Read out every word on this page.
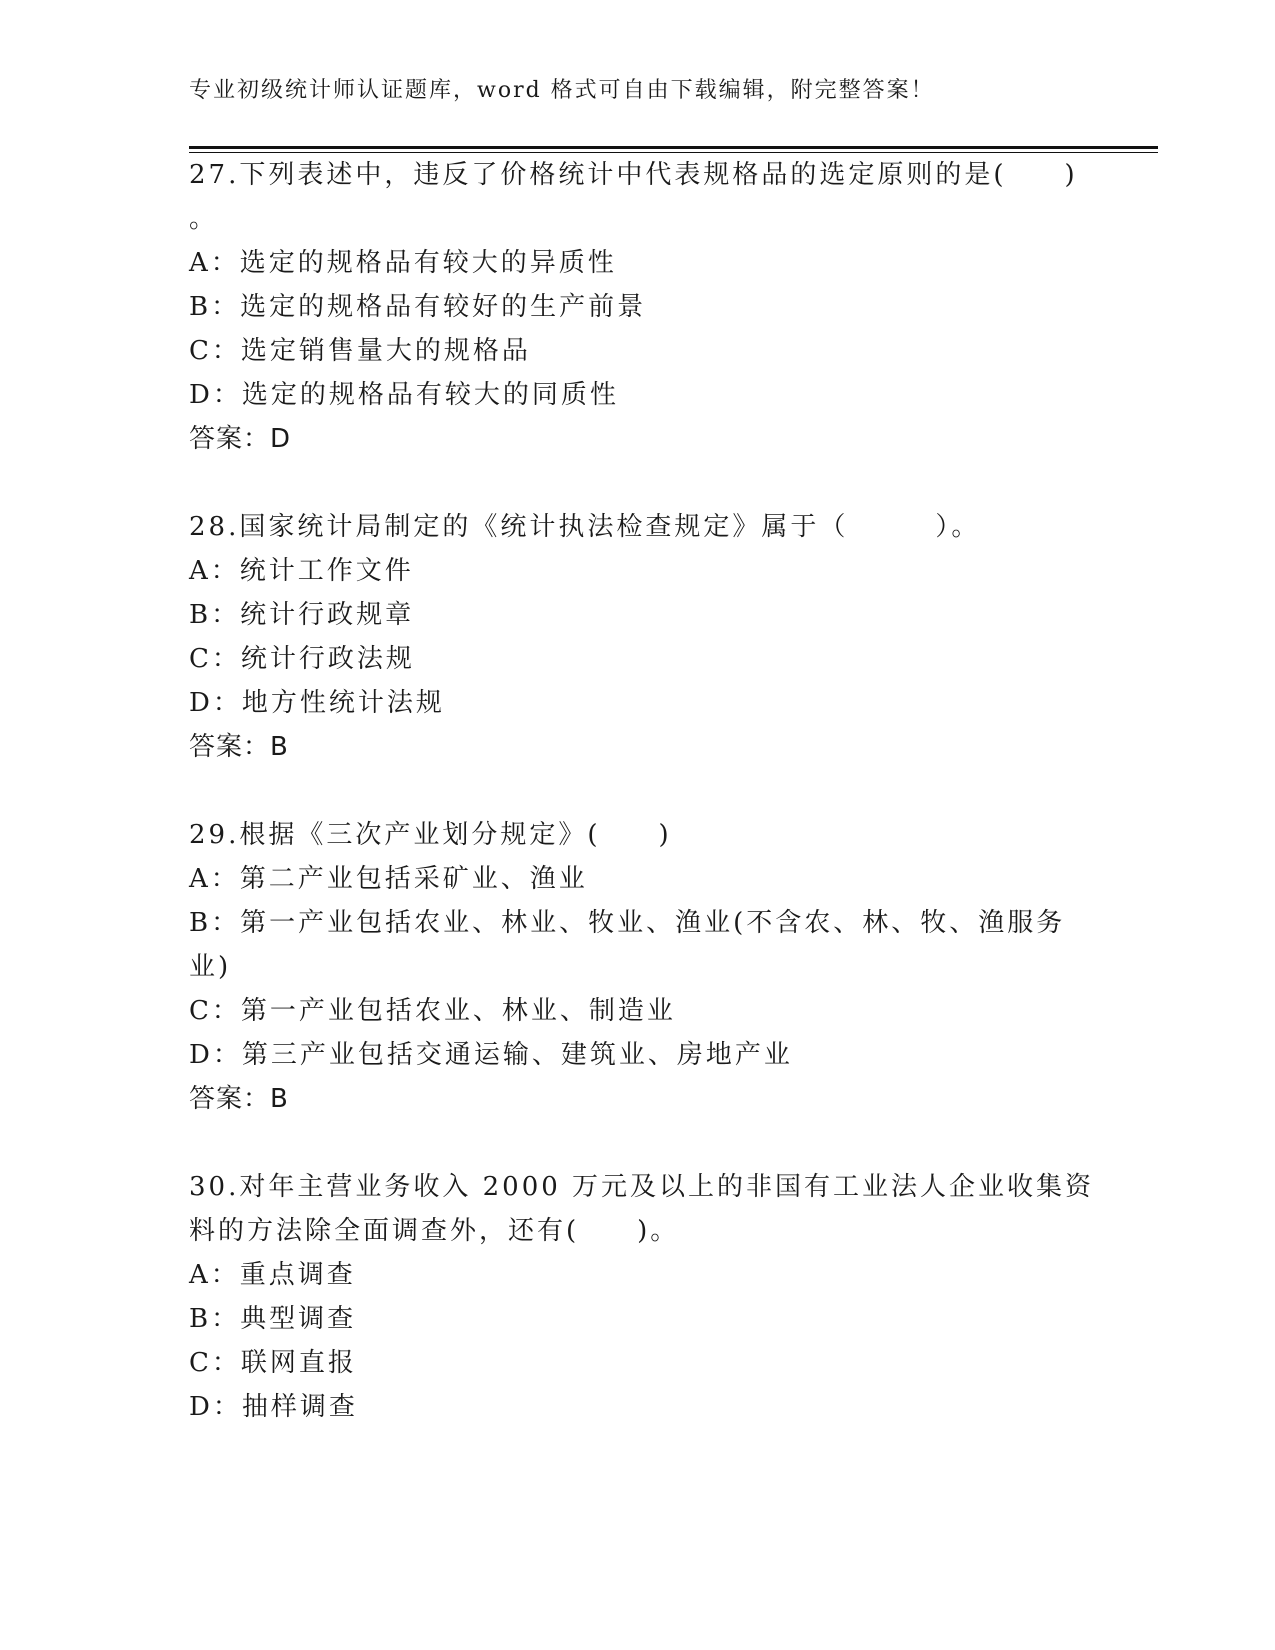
专业初级统计师认证题库，word 格式可自由下载编辑，附完整答案！
27.下列表述中，违反了价格统计中代表规格品的选定原则的是(　　)
。
A：选定的规格品有较大的异质性
B：选定的规格品有较好的生产前景
C：选定销售量大的规格品
D：选定的规格品有较大的同质性
答案：D
28.国家统计局制定的《统计执法检查规定》属于（　　　）。
A：统计工作文件
B：统计行政规章
C：统计行政法规
D：地方性统计法规
答案：B
29.根据《三次产业划分规定》(　　)
A：第二产业包括采矿业、渔业
B：第一产业包括农业、林业、牧业、渔业(不含农、林、牧、渔服务
业)
C：第一产业包括农业、林业、制造业
D：第三产业包括交通运输、建筑业、房地产业
答案：B
30.对年主营业务收入 2000 万元及以上的非国有工业法人企业收集资
料的方法除全面调查外，还有(　　)。
A：重点调查
B：典型调查
C：联网直报
D：抽样调查
